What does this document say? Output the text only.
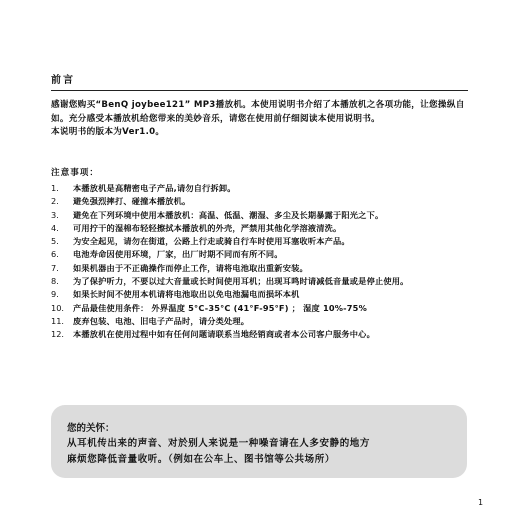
前言

感谢您购买“BenQ joybee121” MP3播放机。本使用说明书介绍了本播放机之各项功能，让您操纵自如。充分感受本播放机给您带来的美妙音乐，请您在使用前仔细阅读本使用说明书。

本说明书的版本为Ver1.0。

注意事项：
1.	本播放机是高精密电子产品,请勿自行拆卸。
2.	避免强烈摔打、碰撞本播放机。
3.	避免在下列环境中使用本播放机：高温、低温、潮湿、多尘及长期暴露于阳光之下。
4.	可用拧干的湿棉布轻轻擦拭本播放机的外壳，严禁用其他化学溶液清洗。
5.	为安全起见，请勿在街道，公路上行走或骑自行车时使用耳塞收听本产品。
6.	电池寿命因使用环境，厂家，出厂时期不同而有所不同。
7.	如果机器由于不正确操作而停止工作，请将电池取出重新安装。
8.	为了保护听力，不要以过大音量或长时间使用耳机；出现耳鸣时请减低音量或是停止使用。
9.	如果长时间不使用本机请将电池取出以免电池漏电而损坏本机
10.	产品最佳使用条件： 外界温度 5°C-35°C (41°F-95°F) ； 湿度 10%-75%
11.	废弃包装、电池、旧电子产品时，请分类处理。
12.	本播放机在使用过程中如有任何问题请联系当地经销商或者本公司客户服务中心。
您的关怀：

从耳机传出来的声音、对於别人来说是一种噪音请在人多安静的地方

麻烦您降低音量收听。（例如在公车上、图书馆等公共场所）

1
